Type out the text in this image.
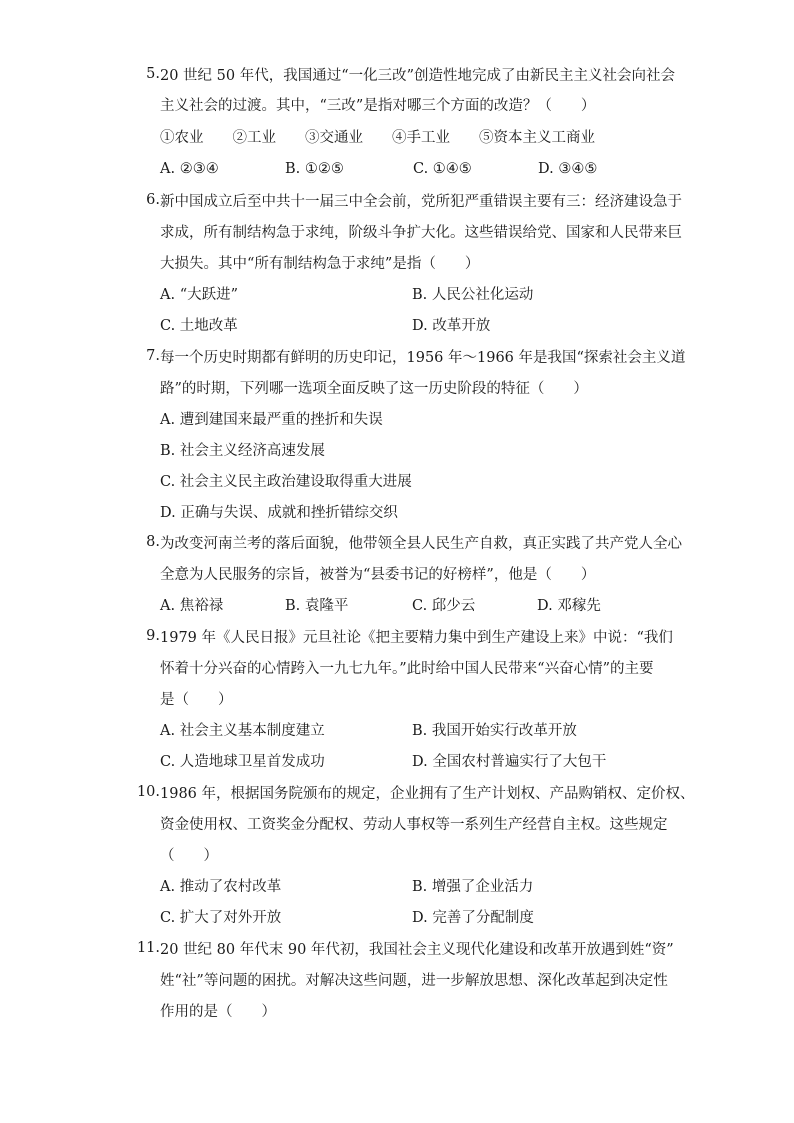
5. 20 世纪 50 年代，我国通过“一化三改”创造性地完成了由新民主主义社会向社会
主义社会的过渡。其中，“三改”是指对哪三个方面的改造？（　　）
①农业　　②工业　　③交通业　　④手工业　　⑤资本主义工商业
A. ②③④	B. ①②⑤	C. ①④⑤	D. ③④⑤
6. 新中国成立后至中共十一届三中全会前，党所犯严重错误主要有三：经济建设急于
求成，所有制结构急于求纯，阶级斗争扩大化。这些错误给党、国家和人民带来巨
大损失。其中“所有制结构急于求纯”是指（　　）
A. “大跃进”	B. 人民公社化运动
C. 土地改革	D. 改革开放
7. 每一个历史时期都有鲜明的历史印记，1956 年～1966 年是我国“探索社会主义道
路”的时期，下列哪一选项全面反映了这一历史阶段的特征（　　）
A. 遭到建国来最严重的挫折和失误
B. 社会主义经济高速发展
C. 社会主义民主政治建设取得重大进展
D. 正确与失误、成就和挫折错综交织
8. 为改变河南兰考的落后面貌，他带领全县人民生产自救，真正实践了共产党人全心
全意为人民服务的宗旨，被誉为“县委书记的好榜样”，他是（　　）
A. 焦裕禄	B. 袁隆平	C. 邱少云	D. 邓稼先
9. 1979 年《人民日报》元旦社论《把主要精力集中到生产建设上来》中说：“我们
怀着十分兴奋的心情跨入一九七九年。”此时给中国人民带来“兴奋心情”的主要
是（　　）
A. 社会主义基本制度建立	B. 我国开始实行改革开放
C. 人造地球卫星首发成功	D. 全国农村普遍实行了大包干
10. 1986 年，根据国务院颁布的规定，企业拥有了生产计划权、产品购销权、定价权、
资金使用权、工资奖金分配权、劳动人事权等一系列生产经营自主权。这些规定
（　　）
A. 推动了农村改革	B. 增强了企业活力
C. 扩大了对外开放	D. 完善了分配制度
11. 20 世纪 80 年代末 90 年代初，我国社会主义现代化建设和改革开放遇到姓“资”
姓“社”等问题的困扰。对解决这些问题，进一步解放思想、深化改革起到决定性
作用的是（　　）
